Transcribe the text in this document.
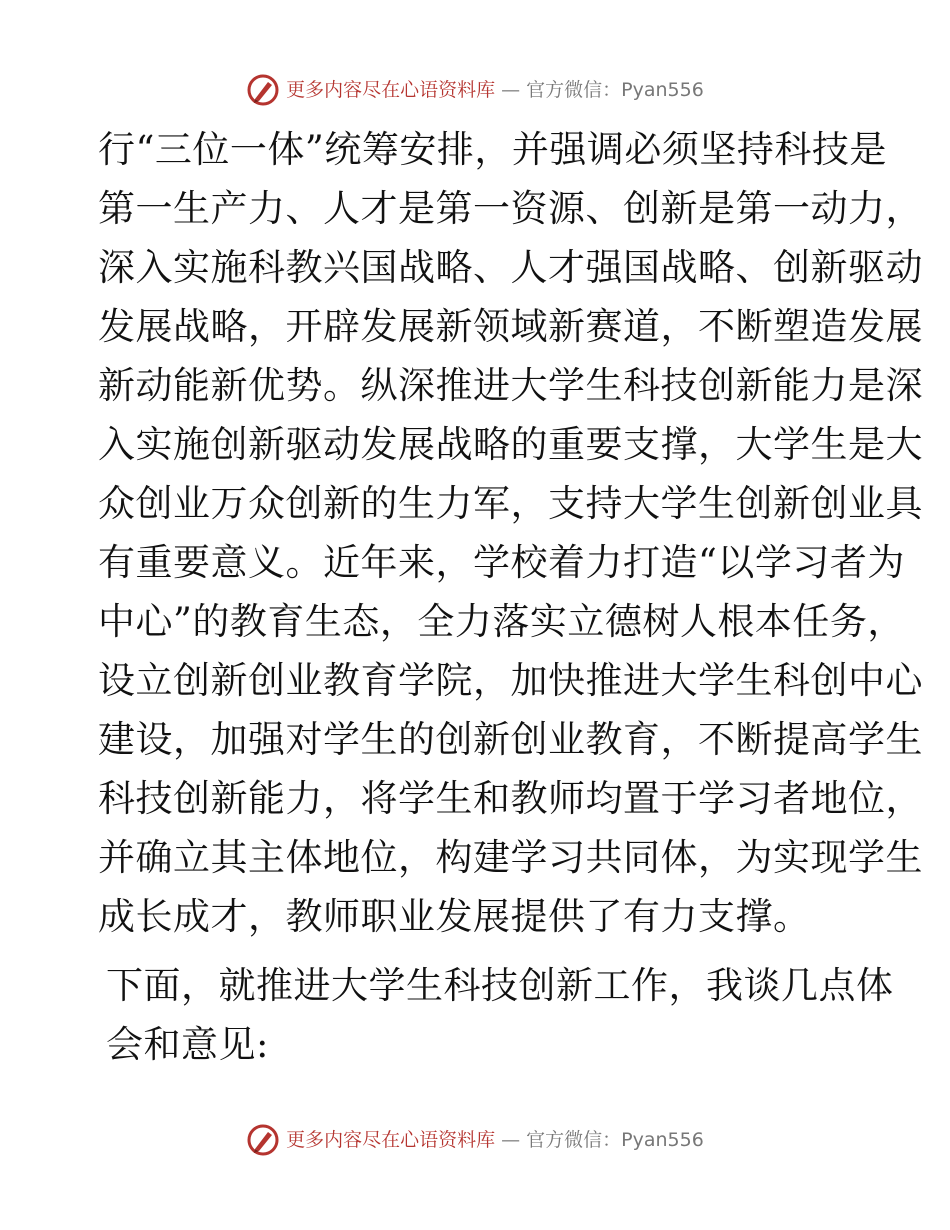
更多内容尽在心语资料库 — 官方微信：Pyan556

行“三位一体”统筹安排，并强调必须坚持科技是
第一生产力、人才是第一资源、创新是第一动力，
深入实施科教兴国战略、人才强国战略、创新驱动
发展战略，开辟发展新领域新赛道，不断塑造发展
新动能新优势。纵深推进大学生科技创新能力是深
入实施创新驱动发展战略的重要支撑，大学生是大
众创业万众创新的生力军，支持大学生创新创业具
有重要意义。近年来，学校着力打造“以学习者为
中心”的教育生态，全力落实立德树人根本任务，
设立创新创业教育学院，加快推进大学生科创中心
建设，加强对学生的创新创业教育，不断提高学生
科技创新能力，将学生和教师均置于学习者地位，
并确立其主体地位，构建学习共同体，为实现学生
成长成才，教师职业发展提供了有力支撑。

下面，就推进大学生科技创新工作，我谈几点体
会和意见:

更多内容尽在心语资料库 — 官方微信：Pyan556
